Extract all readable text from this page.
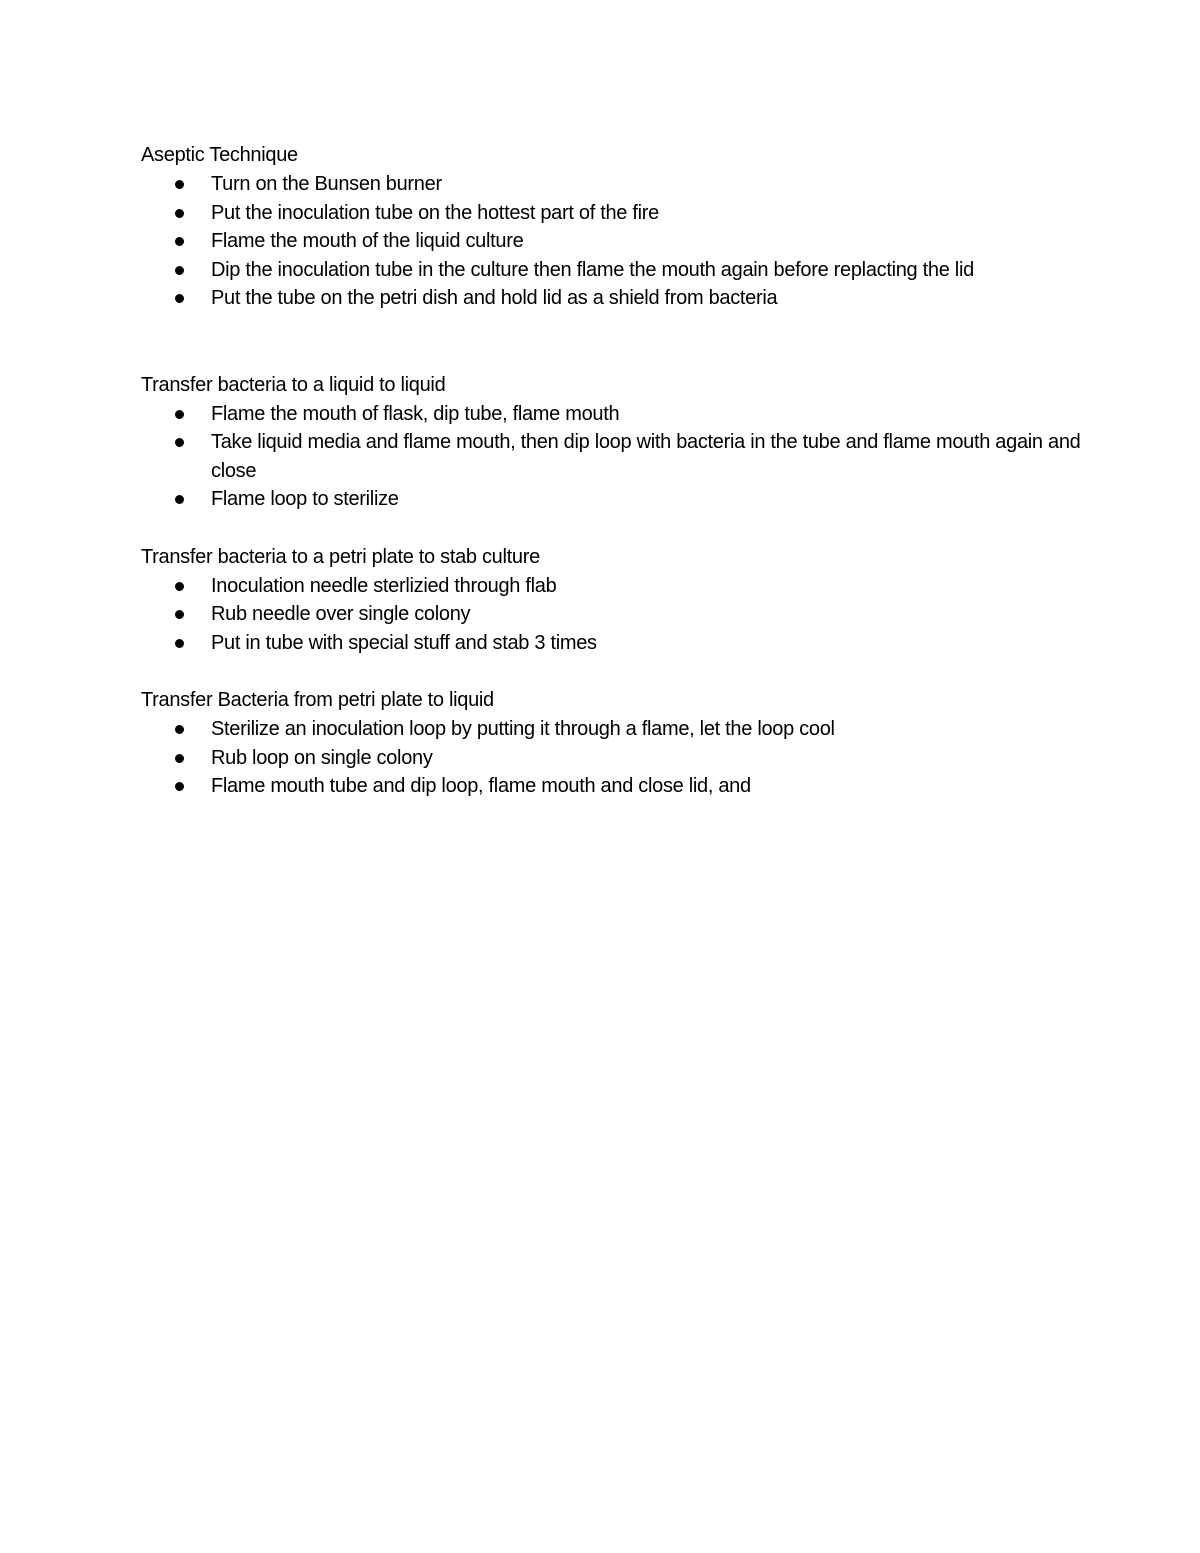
Aseptic Technique

Turn on the Bunsen burner
Put the inoculation tube on the hottest part of the fire
Flame the mouth of the liquid culture
Dip the inoculation tube in the culture then flame the mouth again before replacting the lid
Put the tube on the petri dish and hold lid as a shield from bacteria

Transfer bacteria to a liquid to liquid

Flame the mouth of flask, dip tube, flame mouth
Take liquid media and flame mouth, then dip loop with bacteria in the tube and flame mouth again and close
Flame loop to sterilize

Transfer bacteria to a petri plate to stab culture

Inoculation needle sterlizied through flab
Rub needle over single colony
Put in tube with special stuff and stab 3 times

Transfer Bacteria from petri plate to liquid

Sterilize an inoculation loop by putting it through a flame, let the loop cool
Rub loop on single colony
Flame mouth tube and dip loop, flame mouth and close lid, and
